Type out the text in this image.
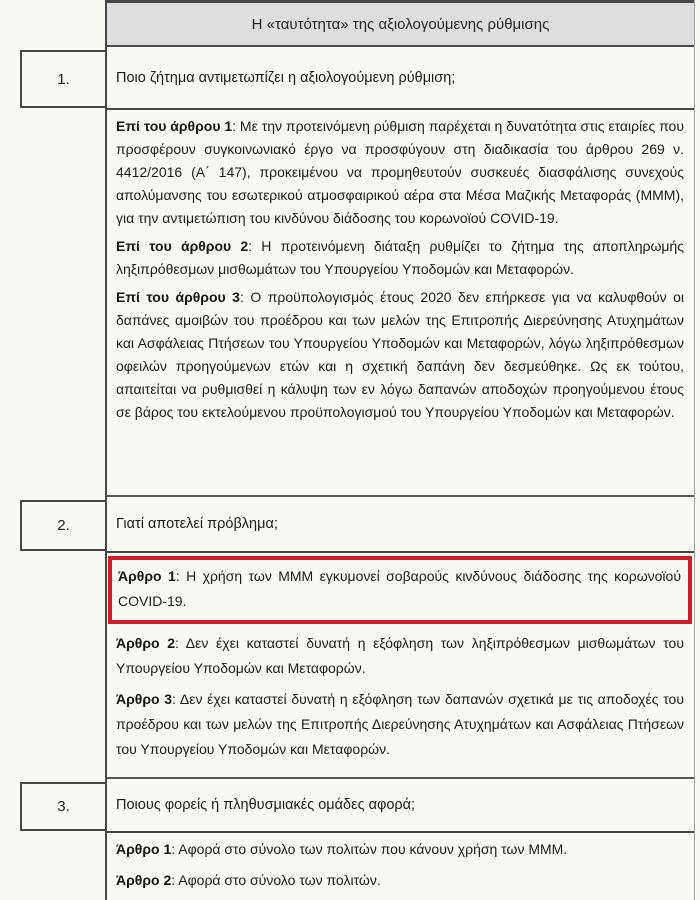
Η «ταυτότητα» της αξιολογούμενης ρύθμισης
Ποιο ζήτημα αντιμετωπίζει η αξιολογούμενη ρύθμιση;

Επί του άρθρου 1: Με την προτεινόμενη ρύθμιση παρέχεται η δυνατότητα στις εταιρίες που προσφέρουν συγκοινωνιακό έργο να προσφύγουν στη διαδικασία του άρθρου 269 ν. 4412/2016 (Α΄ 147), προκειμένου να προμηθευτούν συσκευές διασφάλισης συνεχούς απολύμανσης του εσωτερικού ατμοσφαιρικού αέρα στα Μέσα Μαζικής Μεταφοράς (ΜΜΜ), για την αντιμετώπιση του κινδύνου διάδοσης του κορωνοϊού COVID-19.

Επί του άρθρου 2: Η προτεινόμενη διάταξη ρυθμίζει το ζήτημα της αποπληρωμής ληξιπρόθεσμων μισθωμάτων του Υπουργείου Υποδομών και Μεταφορών.

Επί του άρθρου 3: Ο προϋπολογισμός έτους 2020 δεν επήρκεσε για να καλυφθούν οι δαπάνες αμοιβών του προέδρου και των μελών της Επιτροπής Διερεύνησης Ατυχημάτων και Ασφάλειας Πτήσεων του Υπουργείου Υποδομών και Μεταφορών, λόγω ληξιπρόθεσμων οφειλών προηγούμενων ετών και η σχετική δαπάνη δεν δεσμεύθηκε. Ως εκ τούτου, απαιτείται να ρυθμισθεί η κάλυψη των εν λόγω δαπανών αποδοχών προηγούμενου έτους σε βάρος του εκτελούμενου προϋπολογισμού του Υπουργείου Υποδομών και Μεταφορών.

Γιατί αποτελεί πρόβλημα;

Άρθρο 1: Η χρήση των ΜΜΜ εγκυμονεί σοβαρούς κινδύνους διάδοσης της κορωνοϊού COVID-19.

Άρθρο 2: Δεν έχει καταστεί δυνατή η εξόφληση των ληξιπρόθεσμων μισθωμάτων του Υπουργείου Υποδομών και Μεταφορών.

Άρθρο 3: Δεν έχει καταστεί δυνατή η εξόφληση των δαπανών σχετικά με τις αποδοχές του προέδρου και των μελών της Επιτροπής Διερεύνησης Ατυχημάτων και Ασφάλειας Πτήσεων του Υπουργείου Υποδομών και Μεταφορών.

Ποιους φορείς ή πληθυσμιακές ομάδες αφορά;

Άρθρο 1: Αφορά στο σύνολο των πολιτών που κάνουν χρήση των ΜΜΜ.

Άρθρο 2: Αφορά στο σύνολο των πολιτών.

1.
2.
3.
